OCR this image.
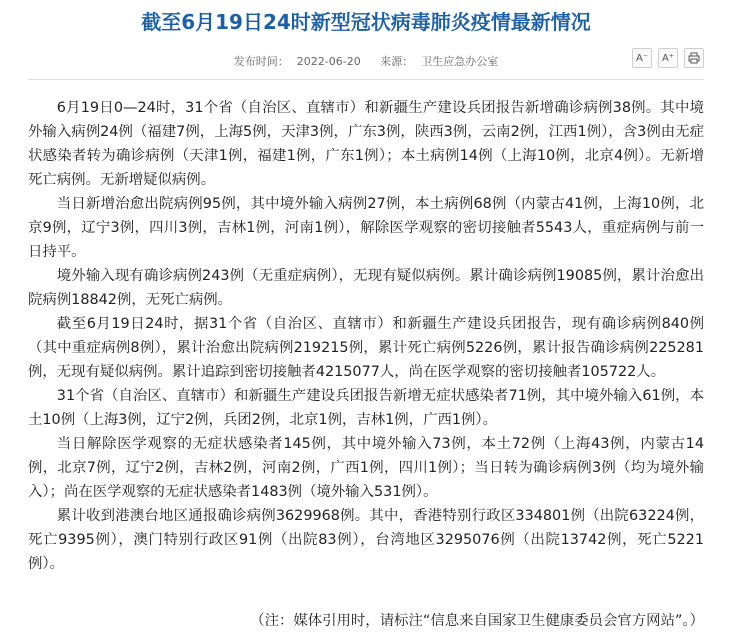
截至6月19日24时新型冠状病毒肺炎疫情最新情况
发布时间： 2022-06-20 来源： 卫生应急办公室	A⁻	A⁺

6月19日0—24时，31个省（自治区、直辖市）和新疆生产建设兵团报告新增确诊病例38例。其中境外输入病例24例（福建7例，上海5例，天津3例，广东3例，陕西3例，云南2例，江西1例），含3例由无症状感染者转为确诊病例（天津1例，福建1例，广东1例）；本土病例14例（上海10例，北京4例）。无新增死亡病例。无新增疑似病例。

当日新增治愈出院病例95例，其中境外输入病例27例，本土病例68例（内蒙古41例，上海10例，北京9例，辽宁3例，四川3例，吉林1例，河南1例），解除医学观察的密切接触者5543人，重症病例与前一日持平。

境外输入现有确诊病例243例（无重症病例），无现有疑似病例。累计确诊病例19085例，累计治愈出院病例18842例，无死亡病例。

截至6月19日24时，据31个省（自治区、直辖市）和新疆生产建设兵团报告，现有确诊病例840例（其中重症病例8例），累计治愈出院病例219215例，累计死亡病例5226例，累计报告确诊病例225281例，无现有疑似病例。累计追踪到密切接触者4215077人，尚在医学观察的密切接触者105722人。

31个省（自治区、直辖市）和新疆生产建设兵团报告新增无症状感染者71例，其中境外输入61例，本土10例（上海3例，辽宁2例，兵团2例，北京1例，吉林1例，广西1例）。

当日解除医学观察的无症状感染者145例，其中境外输入73例，本土72例（上海43例，内蒙古14例，北京7例，辽宁2例，吉林2例，河南2例，广西1例，四川1例）；当日转为确诊病例3例（均为境外输入）；尚在医学观察的无症状感染者1483例（境外输入531例）。

累计收到港澳台地区通报确诊病例3629968例。其中，香港特别行政区334801例（出院63224例，死亡9395例），澳门特别行政区91例（出院83例），台湾地区3295076例（出院13742例，死亡5221例）。

（注：媒体引用时，请标注“信息来自国家卫生健康委员会官方网站”。）
